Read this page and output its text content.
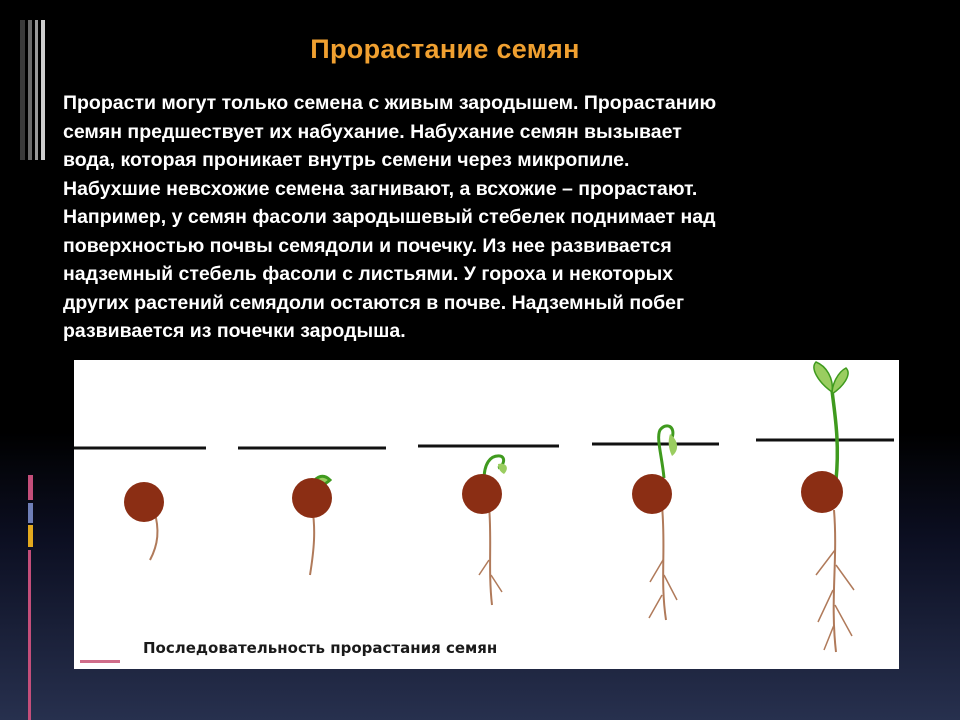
Прорастание семян
Прорасти могут только семена с живым зародышем. Прорастанию
семян предшествует их набухание. Набухание семян вызывает
вода, которая проникает внутрь семени через микропиле.
Набухшие невсхожие семена загнивают, а всхожие – прорастают.
Например, у семян фасоли зародышевый стебелек поднимает над
поверхностью почвы семядоли и почечку. Из нее развивается
надземный стебель фасоли с листьями. У гороха и некоторых
других растений семядоли остаются в почве. Надземный побег
развивается из почечки зародыша.
Последовательность прорастания семян
